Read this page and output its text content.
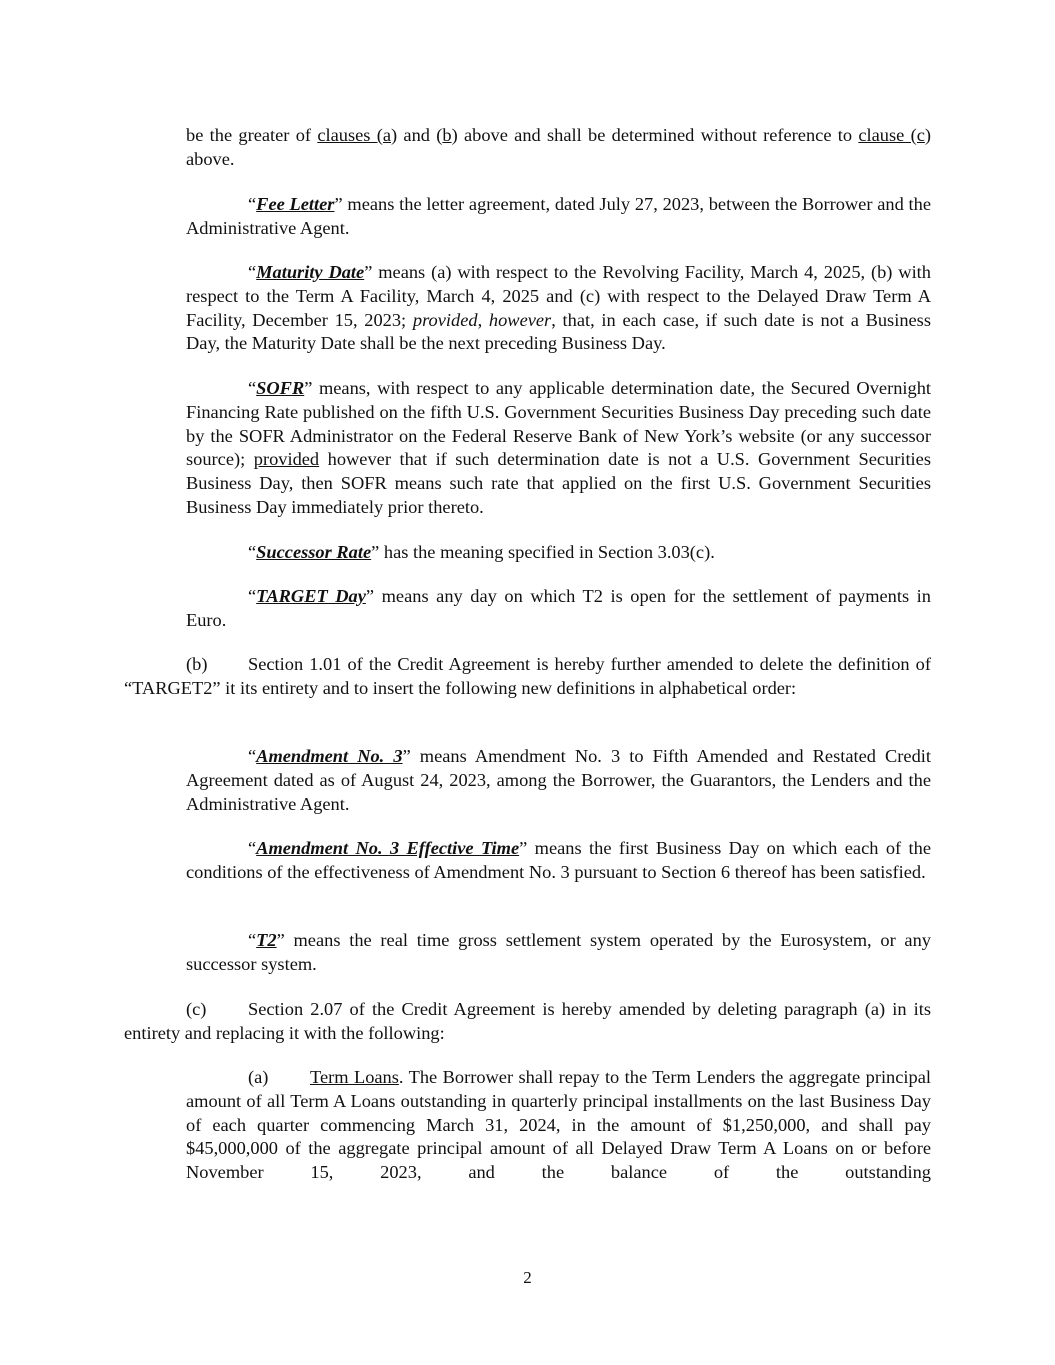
be the greater of clauses (a) and (b) above and shall be determined without reference to clause (c) above.

“Fee Letter” means the letter agreement, dated July 27, 2023, between the Borrower and the Administrative Agent.

“Maturity Date” means (a) with respect to the Revolving Facility, March 4, 2025, (b) with respect to the Term A Facility, March 4, 2025 and (c) with respect to the Delayed Draw Term A Facility, December 15, 2023; provided, however, that, in each case, if such date is not a Business Day, the Maturity Date shall be the next preceding Business Day.

“SOFR” means, with respect to any applicable determination date, the Secured Overnight Financing Rate published on the fifth U.S. Government Securities Business Day preceding such date by the SOFR Administrator on the Federal Reserve Bank of New York’s website (or any successor source); provided however that if such determination date is not a U.S. Government Securities Business Day, then SOFR means such rate that applied on the first U.S. Government Securities Business Day immediately prior thereto.

“Successor Rate” has the meaning specified in Section 3.03(c).

“TARGET Day” means any day on which T2 is open for the settlement of payments in Euro.

(b) Section 1.01 of the Credit Agreement is hereby further amended to delete the definition of “TARGET2” it its entirety and to insert the following new definitions in alphabetical order:

“Amendment No. 3” means Amendment No. 3 to Fifth Amended and Restated Credit Agreement dated as of August 24, 2023, among the Borrower, the Guarantors, the Lenders and the Administrative Agent.

“Amendment No. 3 Effective Time” means the first Business Day on which each of the conditions of the effectiveness of Amendment No. 3 pursuant to Section 6 thereof has been satisfied.

“T2” means the real time gross settlement system operated by the Eurosystem, or any successor system.

(c) Section 2.07 of the Credit Agreement is hereby amended by deleting paragraph (a) in its entirety and replacing it with the following:

(a) Term Loans. The Borrower shall repay to the Term Lenders the aggregate principal amount of all Term A Loans outstanding in quarterly principal installments on the last Business Day of each quarter commencing March 31, 2024, in the amount of $1,250,000, and shall pay $45,000,000 of the aggregate principal amount of all Delayed Draw Term A Loans on or before November 15, 2023, and the balance of the outstanding

2
